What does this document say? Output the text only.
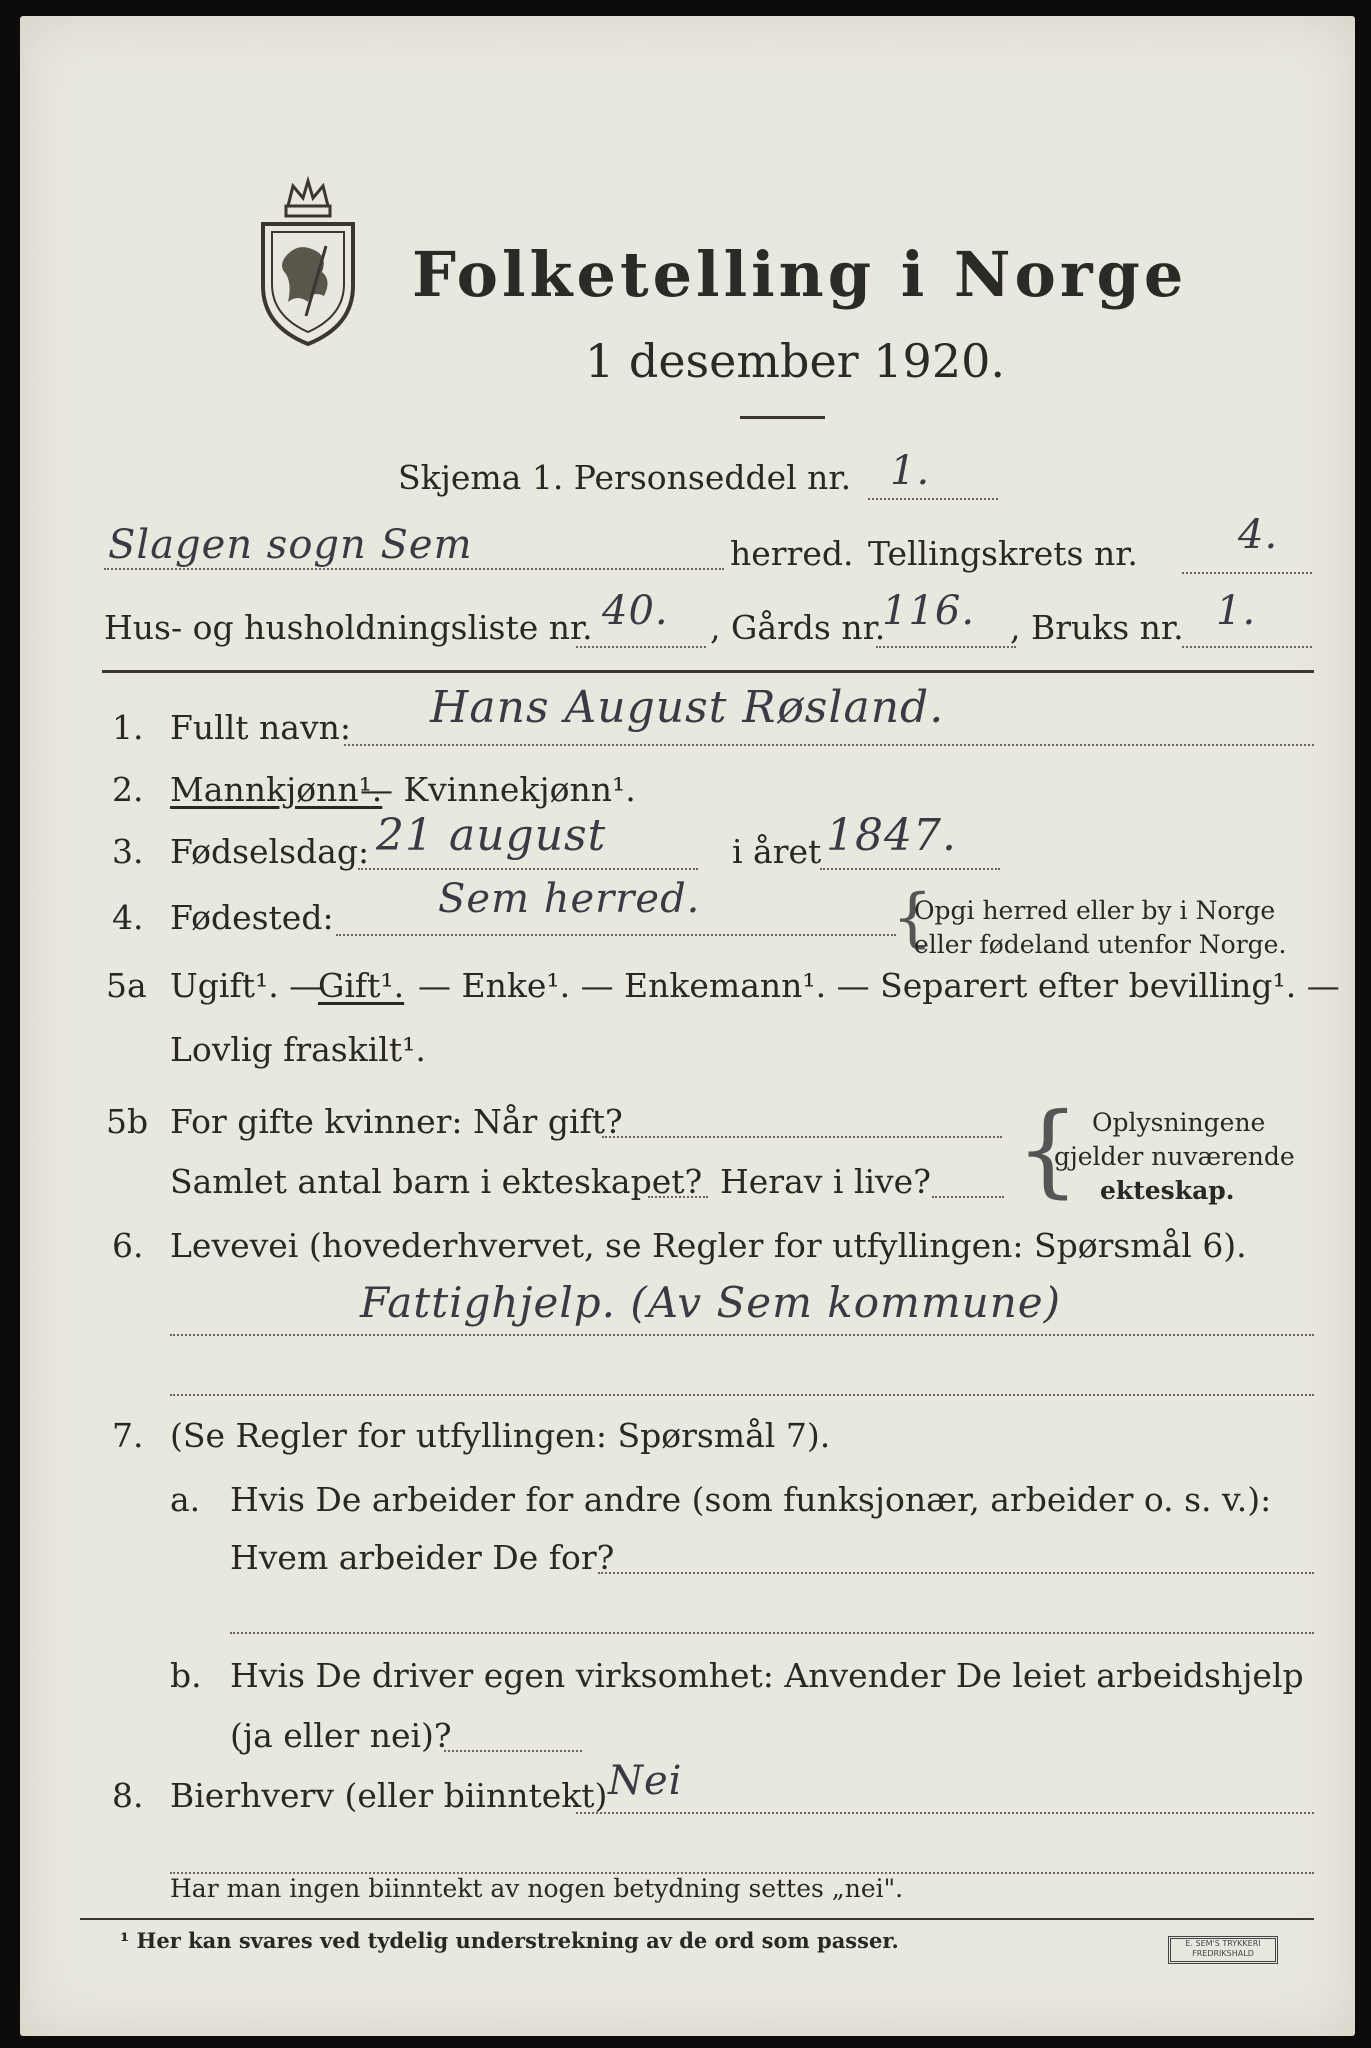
Folketelling i Norge
1 desember 1920.
Skjema 1. Personseddel nr. 1.
Slagen sogn Sem	herred. Tellingskrets nr.	4.
Hus- og husholdningsliste nr. 40. , Gårds nr.
116. , Bruks nr. 1.
1. Fullt navn: Hans August Røsland.
2. Mannkjønn¹.
— Kvinnekjønn¹.
3. Fødselsdag: 21 august	i året 1847.
4. Fødested:	Sem herred.	{
Opgi herred eller by i Norge
eller fødeland utenfor Norge.
5a Ugift¹. —
Gift¹. — Enke¹. — Enkemann¹. — Separert efter bevilling¹. —
Lovlig fraskilt¹.
5b For gifte kvinner: Når gift?
Samlet antal barn i ekteskapet? Herav i live? { Oplysningene
gjelder nuværende
ekteskap.
6. Levevei (hovederhvervet, se Regler for utfyllingen: Spørsmål 6).
Fattighjelp. (Av Sem kommune)
7. (Se Regler for utfyllingen: Spørsmål 7).
a. Hvis De arbeider for andre (som funksjonær, arbeider o. s. v.):
Hvem arbeider De for?
b. Hvis De driver egen virksomhet: Anvender De leiet arbeidshjelp
(ja eller nei)?
8. Bierhverv (eller biinntekt) Nei
Har man ingen biinntekt av nogen betydning settes „nei".
¹ Her kan svares ved tydelig understrekning av de ord som passer.	E. SEM'S TRYKKERI FREDRIKSHALD
